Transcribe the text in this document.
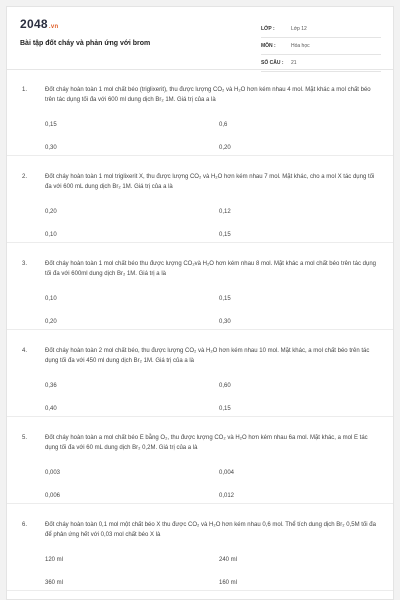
2048.vn
Bài tập đốt cháy và phản ứng với brom
LỚP :	Lớp 12
MÔN :	Hóa học
SỐ CÂU :	21
1.	Đốt cháy hoàn toàn 1 mol chất béo (triglixerit), thu được lượng CO₂ và H₂O hơn kém nhau 4 mol. Mặt khác a mol chất béo trên tác dụng tối đa với 600 ml dung dịch Br₂ 1M. Giá trị của a là
0,15	0,6
0,30	0,20
2.	Đốt cháy hoàn toàn 1 mol triglixerit X, thu được lượng CO₂ và H₂O hơn kém nhau 7 mol. Mặt khác, cho a mol X tác dụng tối đa với 600 mL dung dịch Br₂ 1M. Giá trị của a là
0,20	0,12
0,10	0,15
3.	Đốt cháy hoàn toàn 1 mol chất béo thu được lượng CO₂và H₂O hơn kém nhau 8 mol. Mặt khác a mol chất béo trên tác dụng tối đa với 600ml dung dịch Br₂ 1M. Giá trị a là
0,10	0,15
0,20	0,30
4.	Đốt cháy hoàn toàn 2 mol chất béo, thu được lượng CO₂ và H₂O hơn kém nhau 10 mol. Mặt khác, a mol chất béo trên tác dụng tối đa với 450 ml dung dịch Br₂ 1M. Giá trị của a là
0,36	0,60
0,40	0,15
5.	Đốt cháy hoàn toàn a mol chất béo E bằng O₂, thu được lượng CO₂ và H₂O hơn kém nhau 6a mol. Mặt khác, a mol E tác dụng tối đa với 60 mL dung dịch Br₂ 0,2M. Giá trị của a là
0,003	0,004
0,006	0,012
6.	Đốt cháy hoàn toàn 0,1 mol một chất béo X thu được CO₂ và H₂O hơn kém nhau 0,6 mol. Thể tích dung dịch Br₂ 0,5M tối đa để phản ứng hết với 0,03 mol chất béo X là
120 ml	240 ml
360 ml	160 ml
